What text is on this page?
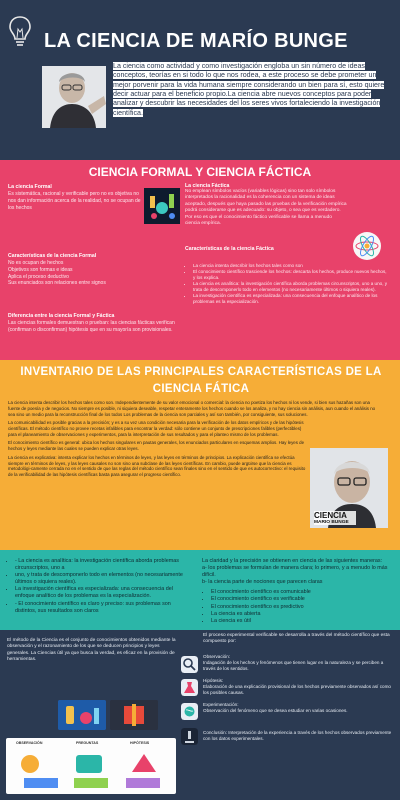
LA CIENCIA DE MARÍO BUNGE
La ciencia como actividad y como investigación engloba un sin número de ideas conceptos, teorías en si todo lo que nos rodea, a este proceso se debe prometer un mejor porvenir para la vida humana siempre considerando un bien para sí, esto quiere decir actuar para el beneficio propio.La ciencia abre nuevos conceptos para poder analizar y descubrir las necesidades del los seres vivos fortaleciendo la investigación científica.
CIENCIA FORMAL Y CIENCIA FÁCTICA
La ciencia Formal
Es sistemática, racional y verificable pero no es objetiva no nos dan información acerca de la realidad, no se ocupan de los hechos
Características de la ciencia Formal
No es ocupan de hechos
Objetivos son formas e ideas
Aplica el proceso deductivo
Sus enunciados son relaciones entre signos
Diferencia entre la ciencia Formal y Fáctica
Las ciencias formales demuestran o prueban: las ciencias fácticas verifican (confirman o disconfirman) hipótesis que en su mayoría son provisionales.
La ciencia Fáctica
No emplean símbolos vacíos (variables lógicas) sino tan solo símbolos interpretados la racionalidad es la coherencia con un sistema de ideas aceptado, después que haya pasado las pruebas de la verificación empírica podrá considerarse que es adecuado: su objeto, o sea que es verdadero. Por eso es que el conocimiento fáctico verificable se llama a menudo ciencia empírica.
Características de la ciencia Fáctica
• La ciencia intenta describir los hechos tales como son
• El conocimiento científico trasciende los hechos: descarta los hechos, produce nuevos hechos, y los explica.
• La ciencia es analítica: la investigación científica aborda problemas circunscriptos, uno a uno, y trata de descomponerlo todo en elementos (no necesariamente últimos o siquiera reales).
• La investigación científica es especializada: una consecuencia del enfoque analítico de los problemas es la especialización.
INVENTARIO DE LAS PRINCIPALES CARACTERÍSTICAS DE LA CIENCIA FÁTICA

La ciencia intenta describir los hechos tales como son. Independientemente de su valor emocional o comercial: la ciencia no poetiza los hechos ni los vende, si bien sus hazañas son una fuente de poesía y de negocios. No siempre es posible, ni siquiera deseable, respetar enteramente los hechos cuando se los analiza, y no hay ciencia sin análisis, aun cuando el análisis no sea sino un medio para la reconstrucción final de los todos Los problemas de la ciencia son parciales y así son también, por consiguiente, sus soluciones.

La comunicabilidad es posible gracias a la precisión; y es a su vez una condición necesaria para la verificación de los datos empíricos y de las hipótesis científicas. El método científico no provee recetas infalibles para encontrar la verdad: sólo contiene un conjunto de prescripciones falibles (perfectibles) para el planeamiento de observaciones y experimentos, para la interpretación de sus resultados y para el planteo mismo de los problemas.

El conocimiento científico es general: ubica los hechos singulares en pautas generales, los enunciados particulares en esquemas amplios. Hay leyes de hechos y leyes mediante las cuales se pueden explicar otras leyes.

La ciencia es explicativa: intenta explicar los hechos en términos de leyes, y las leyes en términos de principios. La explicación científica se efectúa siempre en términos de leyes, y las leyes causales no son sino una subclase de las leyes científicas. En cambio, puede argüirse que la ciencia es metodológi-camente cerrada no en el sentido de que las reglas del método científico sean finales sino en el sentido de que es autocorrectivo: el requisito de la verificabilidad de las hipótesis científicas basta para asegurar el progreso científico.

CIENCIA
MARIO BUNGE
• - La ciencia es analítica: la investigación científica aborda problemas circunscriptos, uno a
• uno, y trata de descomponerlo todo en elementos (no necesariamente últimos o siquiera reales).
• La investigación científica es especializada: una consecuencia del enfoque analítico de los problemas es la especialización.
• - El conocimiento científico es claro y preciso: sus problemas son distintos, sus resultados son claros
La claridad y la precisión se obtienen en ciencia de las siguientes maneras:
a- los problemas se formulan de manera clara; lo primero, y a menudo lo más difícil.
b- la ciencia parte de nociones que parecen claras
• El conocimiento científico es comunicable
• El conocimiento científico es verificable
• El conocimiento científico es predictivo
• La ciencia es abierta
• La ciencia es útil
El método de la Ciencia es el conjunto de conocimientos obtenidos mediante la observación y el razonamiento de los que se deducen principios y leyes generales. La Ciencias útil ya que busca la verdad, es eficaz en la provisión de herramientas.
OBSERVACIÓN	PREGUNTAS	HIPÓTESIS
El proceso experimental verificable se desarrolla a través del método científico que esta compuesto por:
Observación:
Indagación de los hechos y fenómenos que tienen lugar en la naturaleza y se perciben a través de los sentidos.
Hipótesis:
Elaboración de una explicación provisional de los hechos previamente observados así como los posibles causas.
Experimentación:
Observación del fenómeno que se desea estudiar en varias ocasiones.
Conclusión: Interpretación de la experiencia a través de los hechos observados previamente con los datos experimentales.
